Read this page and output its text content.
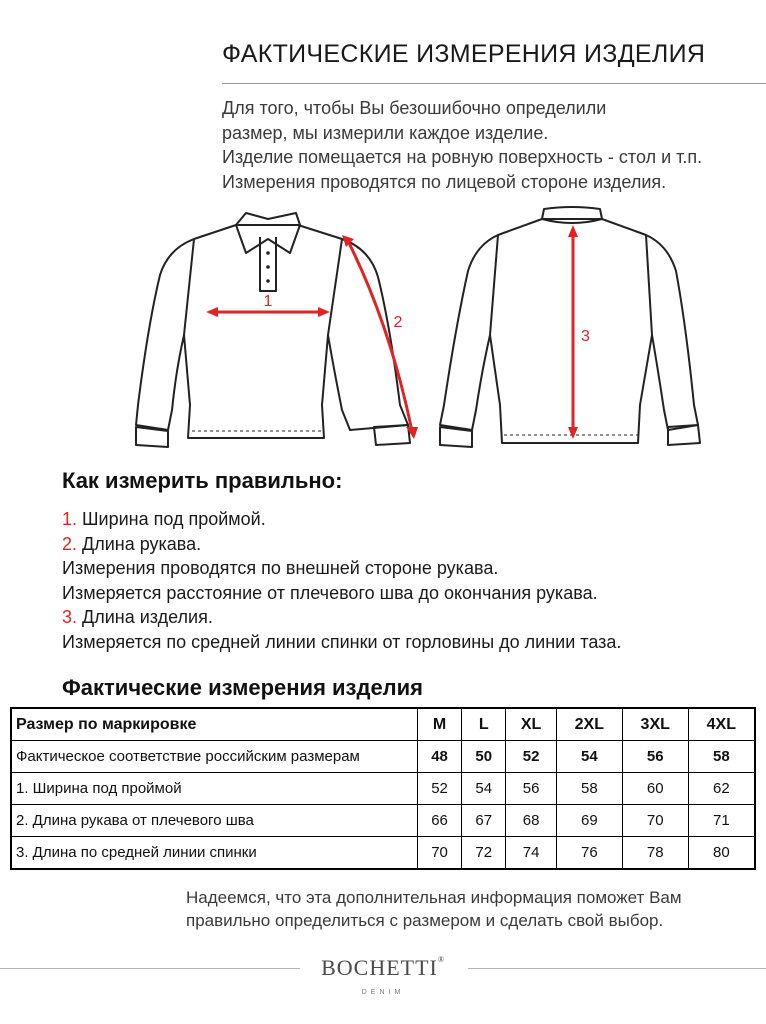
ФАКТИЧЕСКИЕ ИЗМЕРЕНИЯ ИЗДЕЛИЯ
Для того, чтобы Вы безошибочно определили
размер, мы измерили каждое изделие.
Изделие помещается на ровную поверхность - стол и т.п.
Измерения проводятся по лицевой стороне изделия.
1
2
3
Как измерить правильно:
1. Ширина под проймой.
2. Длина рукава.
Измерения проводятся по внешней стороне рукава.
Измеряется расстояние от плечевого шва до окончания рукава.
3. Длина изделия.
Измеряется по средней линии спинки от горловины до линии таза.
Фактические измерения изделия
Размер по маркировке	M	L	XL	2XL	3XL	4XL
Фактическое соответствие российским размерам	48	50	52	54	56	58
1. Ширина под проймой	52	54	56	58	60	62
2. Длина рукава от плечевого шва	66	67	68	69	70	71
3. Длина по средней линии спинки	70	72	74	76	78	80
Надеемся, что эта дополнительная информация поможет Вам
правильно определиться с размером и сделать свой выбор.
BOCHETTI®
DENIM
